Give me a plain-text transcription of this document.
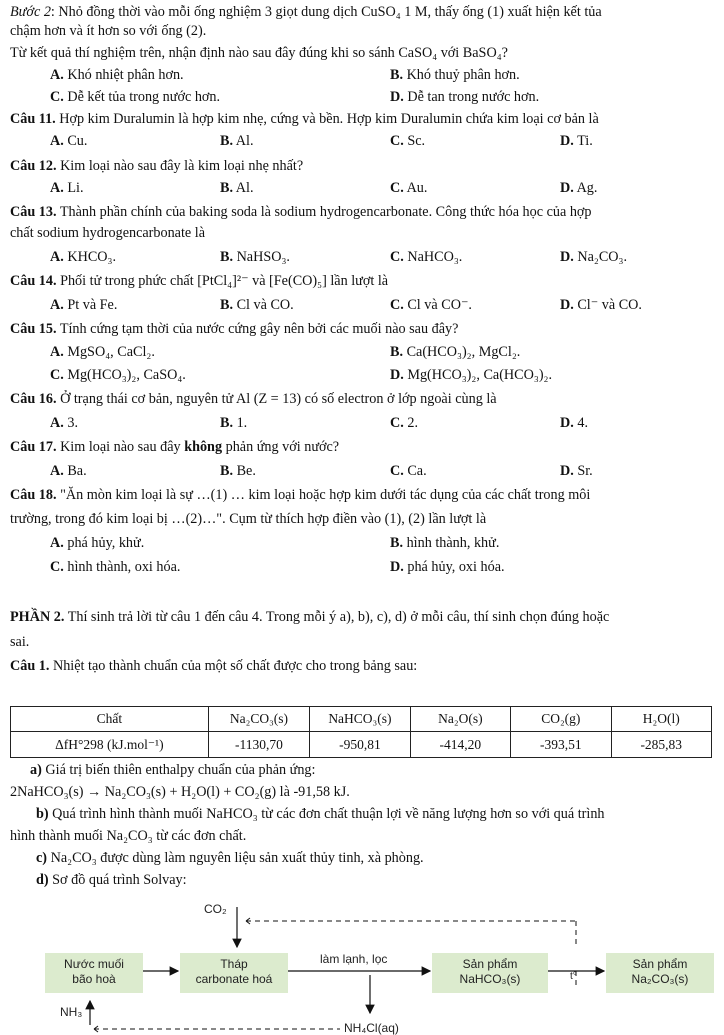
Bước 2: Nhỏ đồng thời vào mỗi ống nghiệm 3 giọt dung dịch CuSO₄ 1 M, thấy ống (1) xuất hiện kết tủa
chậm hơn và ít hơn so với ống (2).
Từ kết quả thí nghiệm trên, nhận định nào sau đây đúng khi so sánh CaSO₄ với BaSO₄?
A. Khó nhiệt phân hơn.	B. Khó thuỷ phân hơn.
C. Dễ kết tủa trong nước hơn.	D. Dễ tan trong nước hơn.
Câu 11. Hợp kim Duralumin là hợp kim nhẹ, cứng và bền. Hợp kim Duralumin chứa kim loại cơ bản là
A. Cu.	B. Al.	C. Sc.	D. Ti.
Câu 12. Kim loại nào sau đây là kim loại nhẹ nhất?
A. Li.	B. Al.	C. Au.	D. Ag.
Câu 13. Thành phần chính của baking soda là sodium hydrogencarbonate. Công thức hóa học của hợp
chất sodium hydrogencarbonate là
A. KHCO₃.	B. NaHSO₃.	C. NaHCO₃.	D. Na₂CO₃.
Câu 14. Phối tử trong phức chất [PtCl₄]²⁻ và [Fe(CO)₅] lần lượt là
A. Pt và Fe.	B. Cl và CO.	C. Cl và CO⁻.	D. Cl⁻ và CO.
Câu 15. Tính cứng tạm thời của nước cứng gây nên bởi các muối nào sau đây?
A. MgSO₄, CaCl₂.	B. Ca(HCO₃)₂, MgCl₂.
C. Mg(HCO₃)₂, CaSO₄.	D. Mg(HCO₃)₂, Ca(HCO₃)₂.
Câu 16. Ở trạng thái cơ bản, nguyên tử Al (Z = 13) có số electron ở lớp ngoài cùng là
A. 3.	B. 1.	C. 2.	D. 4.
Câu 17. Kim loại nào sau đây không phản ứng với nước?
A. Ba.	B. Be.	C. Ca.	D. Sr.
Câu 18. "Ăn mòn kim loại là sự …(1) … kim loại hoặc hợp kim dưới tác dụng của các chất trong môi
trường, trong đó kim loại bị …(2)…". Cụm từ thích hợp điền vào (1), (2) lần lượt là
A. phá hủy, khử.	B. hình thành, khử.
C. hình thành, oxi hóa.	D. phá hủy, oxi hóa.
PHẦN 2. Thí sinh trả lời từ câu 1 đến câu 4. Trong mỗi ý a), b), c), d) ở mỗi câu, thí sinh chọn đúng hoặc
sai.
Câu 1. Nhiệt tạo thành chuẩn của một số chất được cho trong bảng sau:
Chất	Na₂CO₃(s)	NaHCO₃(s)	Na₂O(s)	CO₂(g)	H₂O(l)
ΔfH°298 (kJ.mol⁻¹)	-1130,70	-950,81	-414,20	-393,51	-285,83
a) Giá trị biến thiên enthalpy chuẩn của phản ứng:
2NaHCO₃(s) → Na₂CO₃(s) + H₂O(l) + CO₂(g) là -91,58 kJ.
b) Quá trình hình thành muối NaHCO₃ từ các đơn chất thuận lợi về năng lượng hơn so với quá trình
hình thành muối Na₂CO₃ từ các đơn chất.
c) Na₂CO₃ được dùng làm nguyên liệu sản xuất thủy tinh, xà phòng.
d) Sơ đồ quá trình Solvay:
Nước muối
bão hoà
Tháp
carbonate hoá
Sản phẩm
NaHCO₃(s)
Sản phẩm
Na₂CO₃(s)
CO₂
làm lạnh, lọc
t°
NH₃
NH₄Cl(aq)
